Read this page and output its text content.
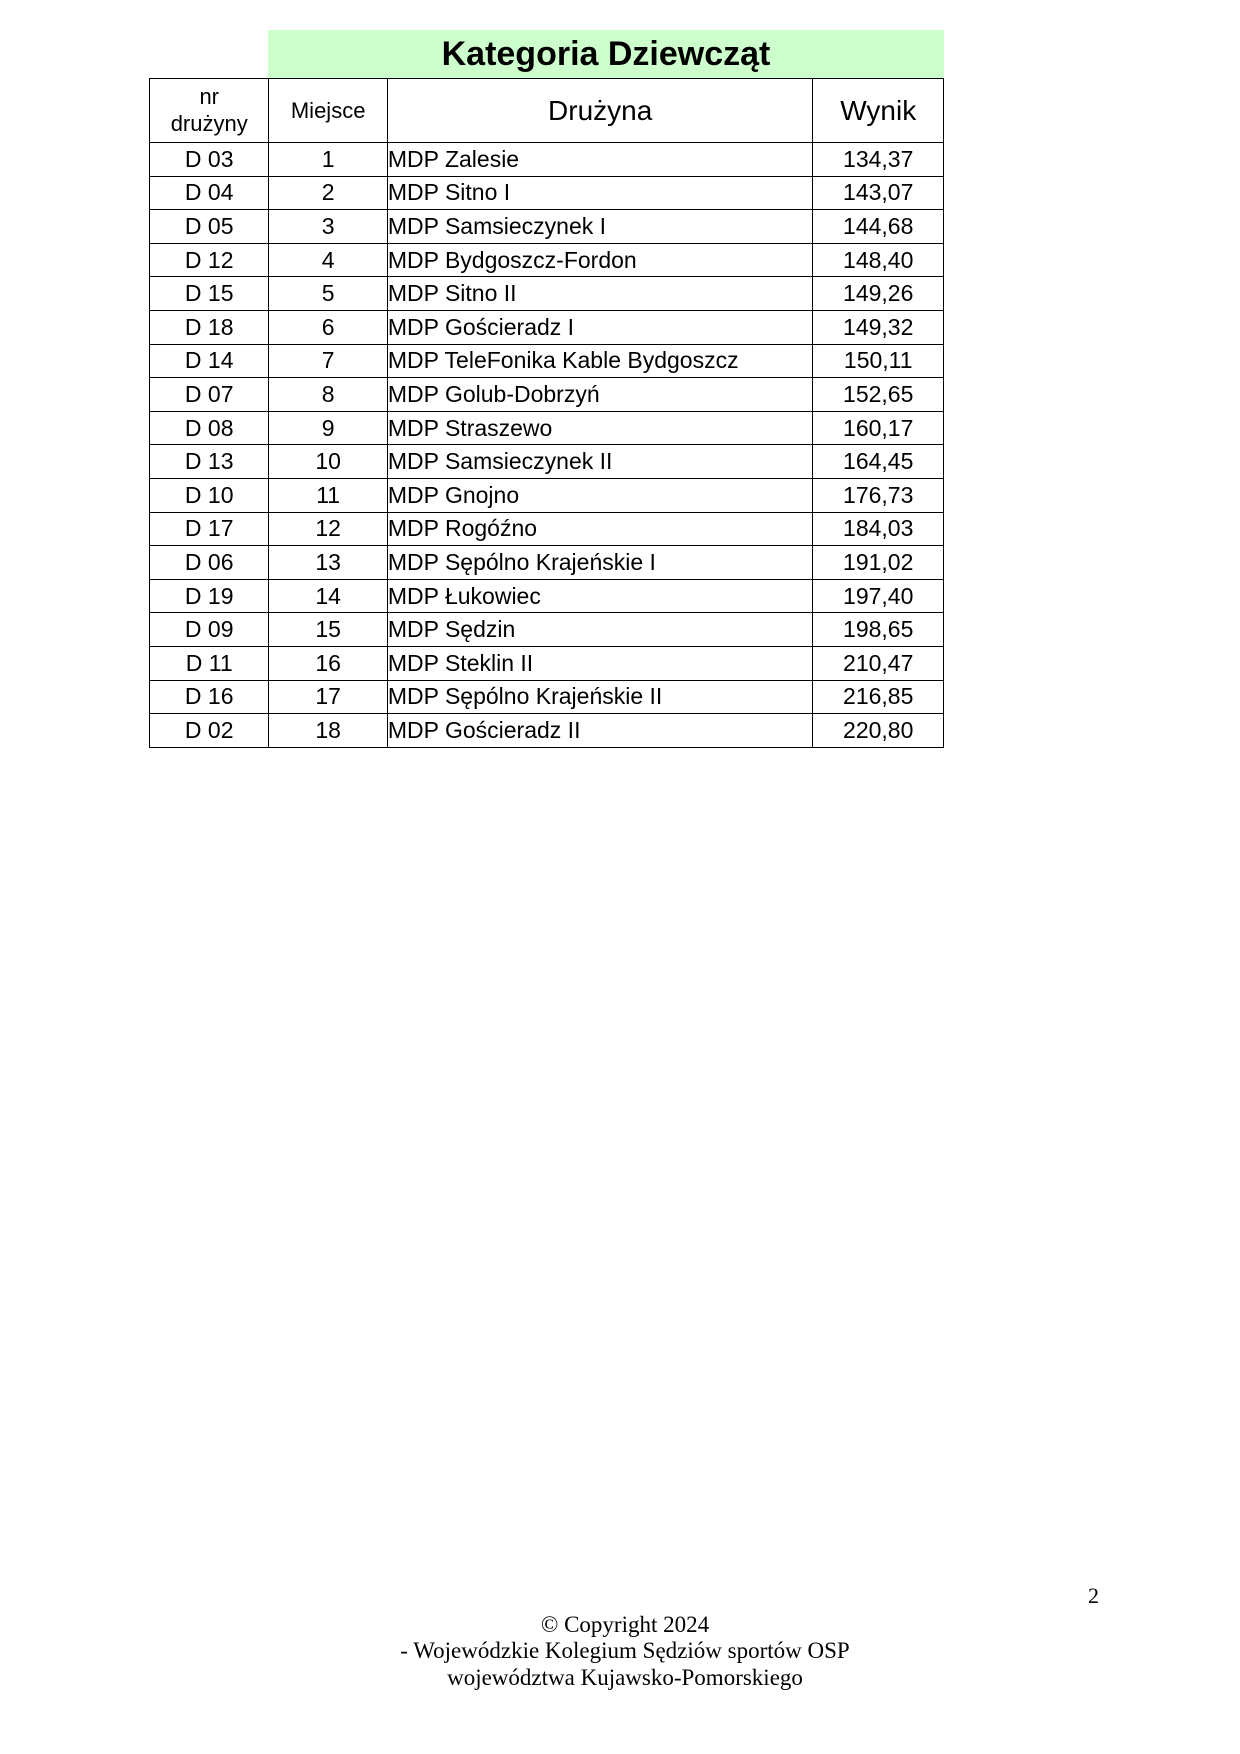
Kategoria Dziewcząt
nr
drużyny	Miejsce	Drużyna	Wynik
D 03	1	MDP Zalesie	134,37
D 04	2	MDP Sitno I	143,07
D 05	3	MDP Samsieczynek I	144,68
D 12	4	MDP Bydgoszcz-Fordon	148,40
D 15	5	MDP Sitno II	149,26
D 18	6	MDP Gościeradz I	149,32
D 14	7	MDP TeleFonika Kable Bydgoszcz	150,11
D 07	8	MDP Golub-Dobrzyń	152,65
D 08	9	MDP Straszewo	160,17
D 13	10	MDP Samsieczynek II	164,45
D 10	11	MDP Gnojno	176,73
D 17	12	MDP Rogóźno	184,03
D 06	13	MDP Sępólno Krajeńskie I	191,02
D 19	14	MDP Łukowiec	197,40
D 09	15	MDP Sędzin	198,65
D 11	16	MDP Steklin II	210,47
D 16	17	MDP Sępólno Krajeńskie II	216,85
D 02	18	MDP Gościeradz II	220,80
2
© Copyright 2024
- Wojewódzkie Kolegium Sędziów sportów OSP
województwa Kujawsko-Pomorskiego
